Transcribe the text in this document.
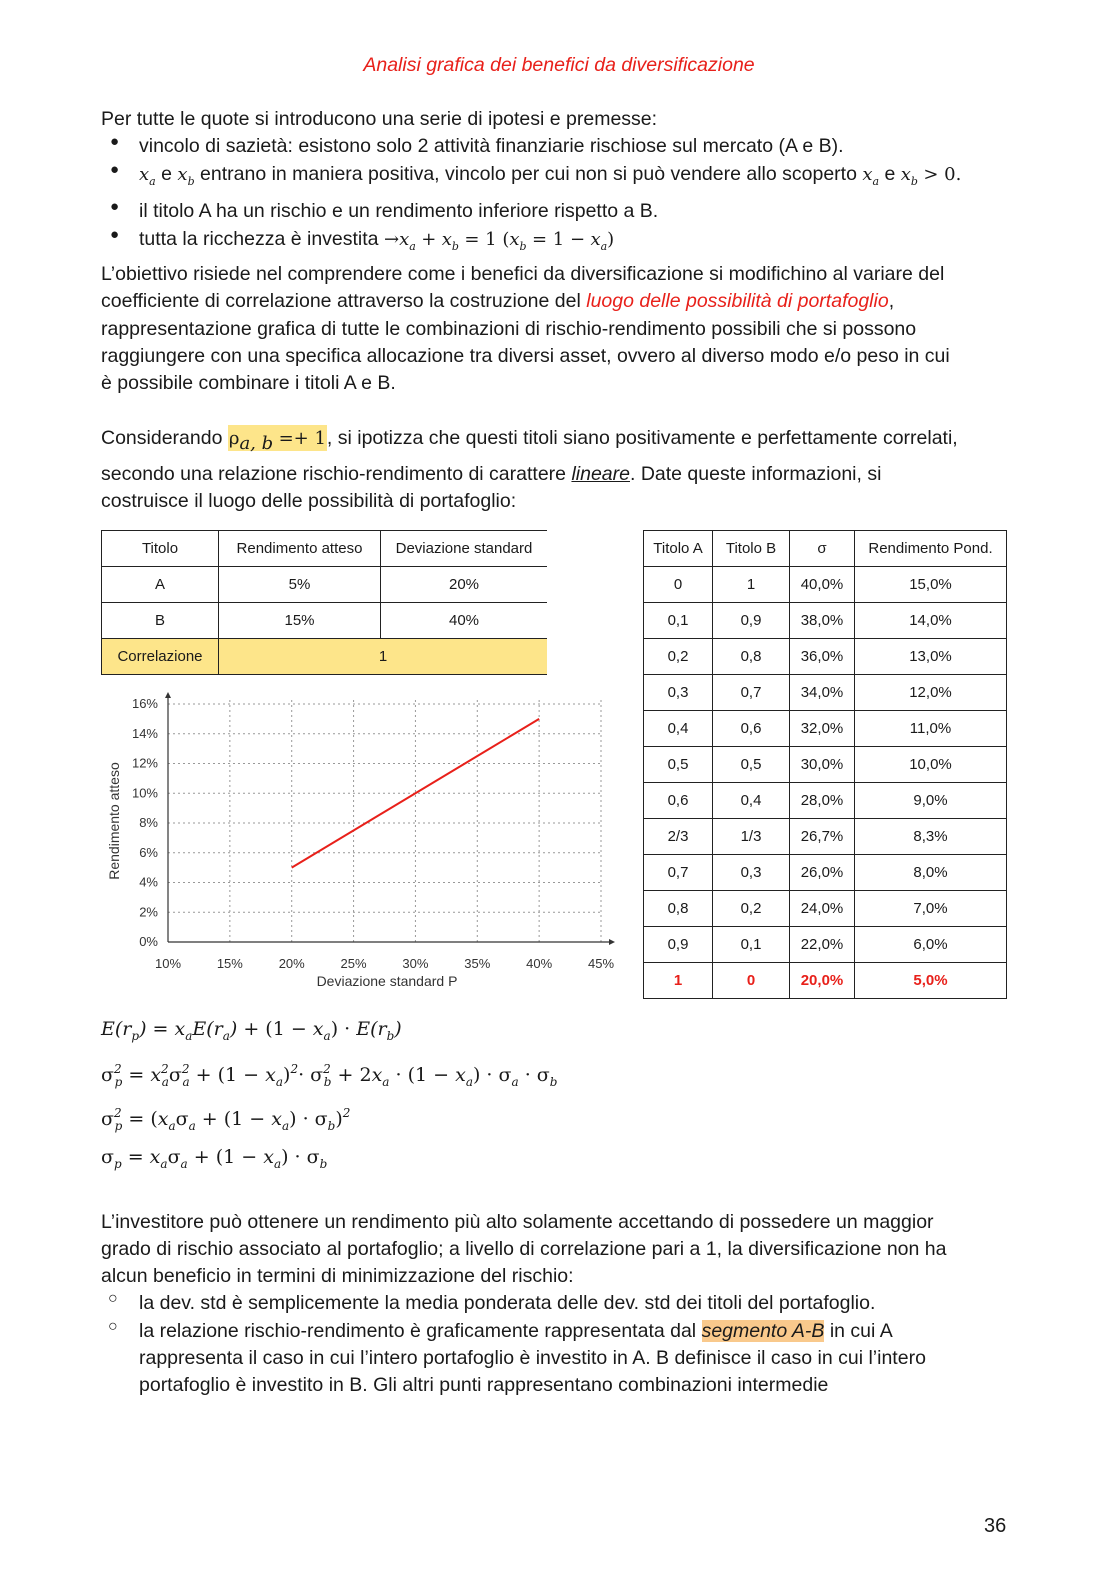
Analisi grafica dei benefici da diversificazione
Per tutte le quote si introducono una serie di ipotesi e premesse:
● vincolo di sazietà: esistono solo 2 attività finanziarie rischiose sul mercato (A e B).
● $x_a$ e $x_b$ entrano in maniera positiva, vincolo per cui non si può vendere allo scoperto $x_a$ e $x_b > 0$.
● il titolo A ha un rischio e un rendimento inferiore rispetto a B.
● tutta la ricchezza è investita $\to x_a + x_b = 1$ $(x_b = 1 - x_a)$
L’obiettivo risiede nel comprendere come i benefici da diversificazione si modifichino al variare del
coefficiente di correlazione attraverso la costruzione del luogo delle possibilità di portafoglio,
rappresentazione grafica di tutte le combinazioni di rischio-rendimento possibili che si possono
raggiungere con una specifica allocazione tra diversi asset, ovvero al diverso modo e/o peso in cui
è possibile combinare i titoli A e B.
Considerando $\rho_{a, b} =+ 1$, si ipotizza che questi titoli siano positivamente e perfettamente correlati,
secondo una relazione rischio-rendimento di carattere lineare. Date queste informazioni, si
costruisce il luogo delle possibilità di portafoglio:
Titolo	Rendimento atteso	Deviazione standard
A	5%	20%
B	15%	40%
Correlazione	1	
Titolo A	Titolo B	σ	Rendimento Pond.
0	1	40,0%	15,0%
0,1	0,9	38,0%	14,0%
0,2	0,8	36,0%	13,0%
0,3	0,7	34,0%	12,0%
0,4	0,6	32,0%	11,0%
0,5	0,5	30,0%	10,0%
0,6	0,4	28,0%	9,0%
2/3	1/3	26,7%	8,3%
0,7	0,3	26,0%	8,0%
0,8	0,2	24,0%	7,0%
0,9	0,1	22,0%	6,0%
1	0	20,0%	5,0%
10%	15%	20%	25%	30%	35%	40%	45%
0%
2%
4%
6%
8%
10%
12%
14%
16%
Deviazione standard P
Rendimento atteso
$E(r_p) = x_aE(r_a) + (1 - x_a) \cdot E(r_b)$
$\sigma^2_p = x^2_a\sigma^2_a + (1 - x_a)^2\cdot \sigma^2_b + 2x_a \cdot (1 - x_a) \cdot \sigma_a \cdot \sigma_b$
$\sigma^2_p = (x_a\sigma_a + (1 - x_a) \cdot \sigma_b)^2$
$\sigma_p = x_a\sigma_a + (1 - x_a) \cdot \sigma_b$
L’investitore può ottenere un rendimento più alto solamente accettando di possedere un maggior
grado di rischio associato al portafoglio; a livello di correlazione pari a 1, la diversificazione non ha
alcun beneficio in termini di minimizzazione del rischio:
○ la dev. std è semplicemente la media ponderata delle dev. std dei titoli del portafoglio.
○ la relazione rischio-rendimento è graficamente rappresentata dal segmento A-B in cui A
rappresenta il caso in cui l’intero portafoglio è investito in A. B definisce il caso in cui l’intero
portafoglio è investito in B. Gli altri punti rappresentano combinazioni intermedie
36
